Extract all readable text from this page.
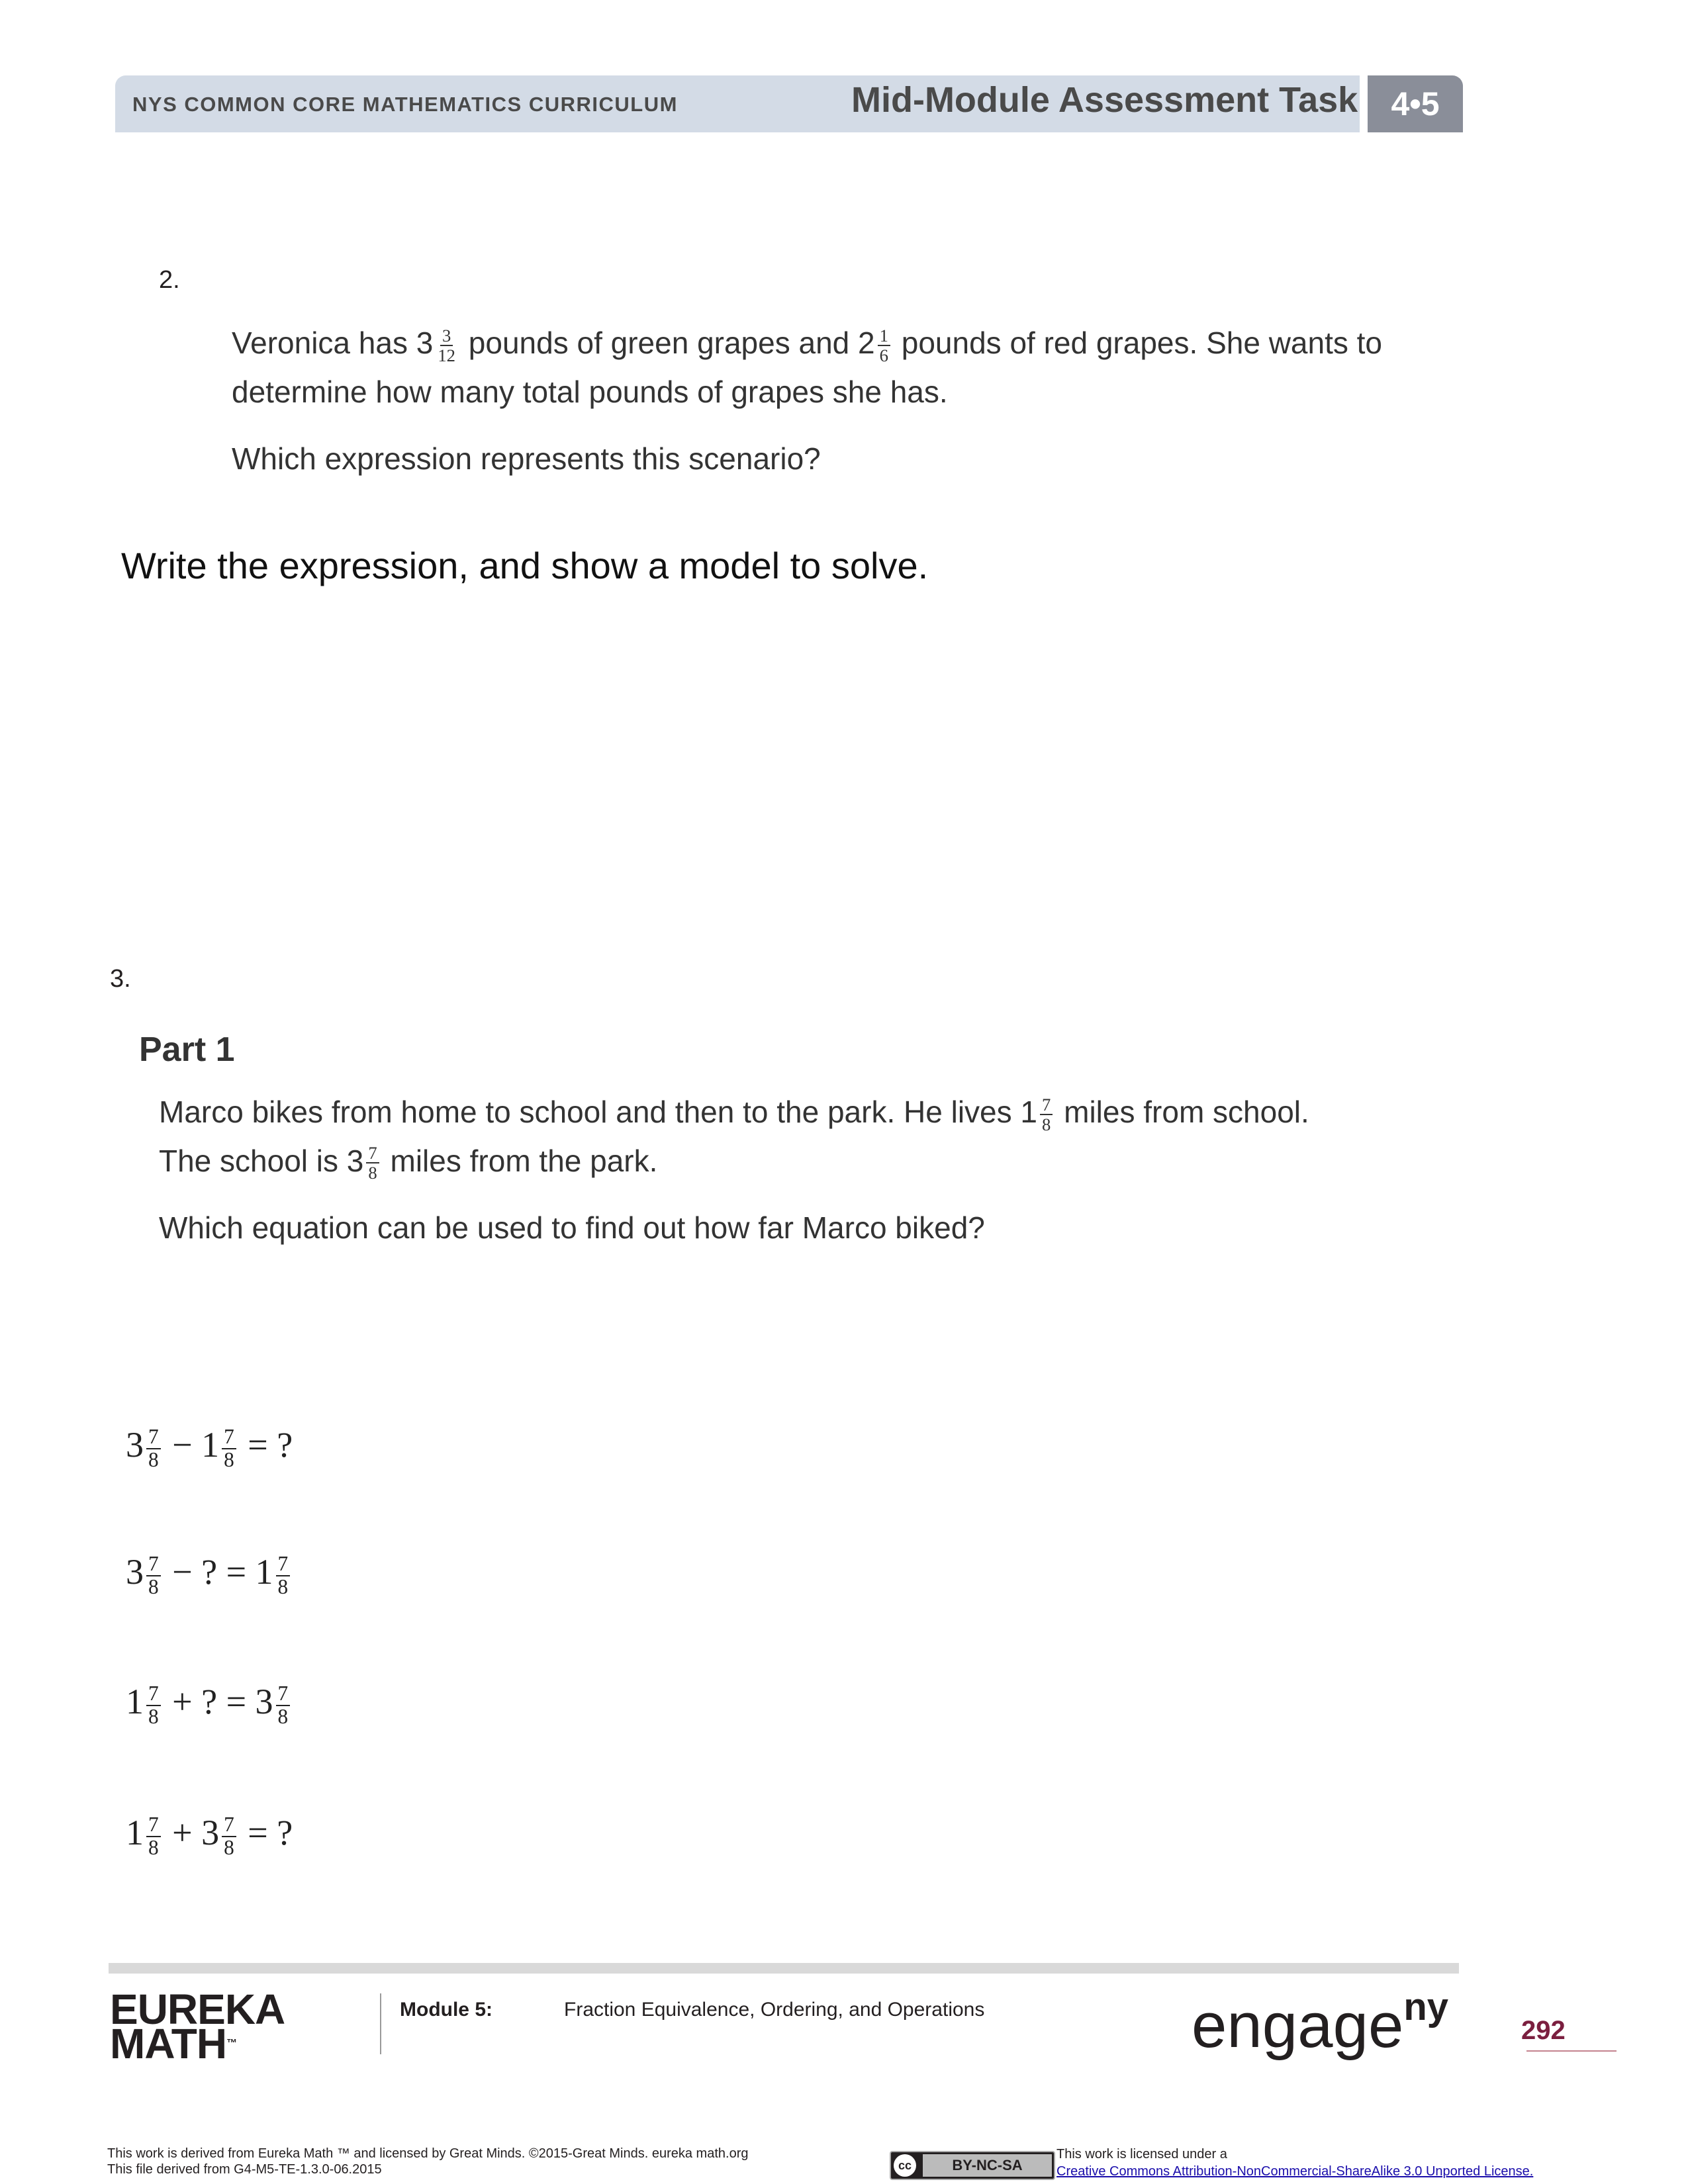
NYS COMMON CORE MATHEMATICS CURRICULUM	Mid-Module Assessment Task	4•5
2.
Veronica has $3 \frac{3}{12}$ pounds of green grapes and $2 \frac{1}{6}$ pounds of red grapes. She wants to
determine how many total pounds of grapes she has.
Which expression represents this scenario?
Write the expression, and show a model to solve.
3.
Part 1
Marco bikes from home to school and then to the park. He lives $1 \frac{7}{8}$ miles from school.
The school is $3 \frac{7}{8}$ miles from the park.
Which equation can be used to find out how far Marco biked?
$3 \frac{7}{8} - 1 \frac{7}{8}$ = ?
$3 \frac{7}{8}$ − ? = $1 \frac{7}{8}$
$1 \frac{7}{8}$ + ? = $3 \frac{7}{8}$
$1 \frac{7}{8} + 3 \frac{7}{8}$ = ?
EUREKA
MATH™
Module 5:	Fraction Equivalence, Ordering, and Operations	engage$^{ny}$
292
This work is derived from Eureka Math ™ and licensed by Great Minds. ©2015-Great Minds. eureka math.org
This file derived from G4-M5-TE-1.3.0-06.2015	cc	BY-NC-SA
This work is licensed under a
Creative Commons Attribution-NonCommercial-ShareAlike 3.0 Unported License.
